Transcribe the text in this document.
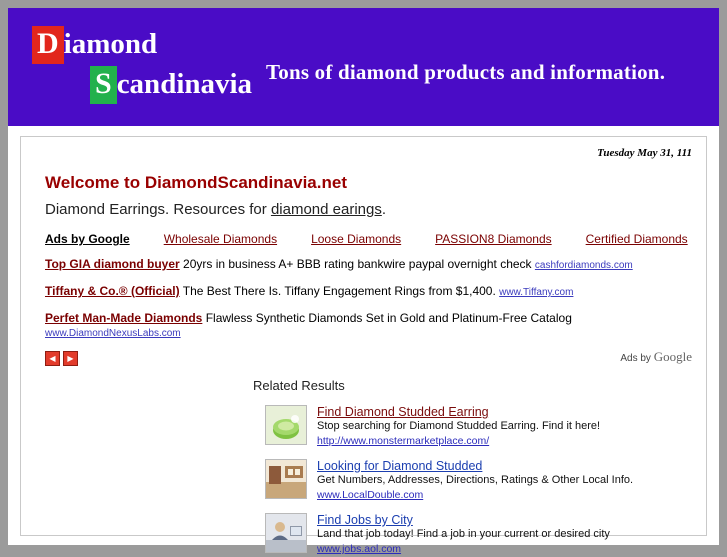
D iamond
S candinavia Tons of diamond products and information.
Tuesday May 31, 111
Welcome to DiamondScandinavia.net
Diamond Earrings. Resources for diamond earings.
Ads by Google	Wholesale Diamonds	Loose Diamonds	PASSION8 Diamonds	Certified Diamonds
Top GIA diamond buyer 20yrs in business A+ BBB rating bankwire paypal overnight check cashfordiamonds.com
Tiffany & Co.® (Official) The Best There Is. Tiffany Engagement Rings from $1,400. www.Tiffany.com
Perfet Man-Made Diamonds Flawless Synthetic Diamonds Set in Gold and Platinum-Free Catalog www.DiamondNexusLabs.com
◀	▶	Ads by Google
Related Results
Find Diamond Studded Earring
Stop searching for Diamond Studded Earring. Find it here!
http://www.monstermarketplace.com/
Looking for Diamond Studded
Get Numbers, Addresses, Directions, Ratings & Other Local Info.
www.LocalDouble.com
Find Jobs by City
Land that job today! Find a job in your current or desired city
www.jobs.aol.com
